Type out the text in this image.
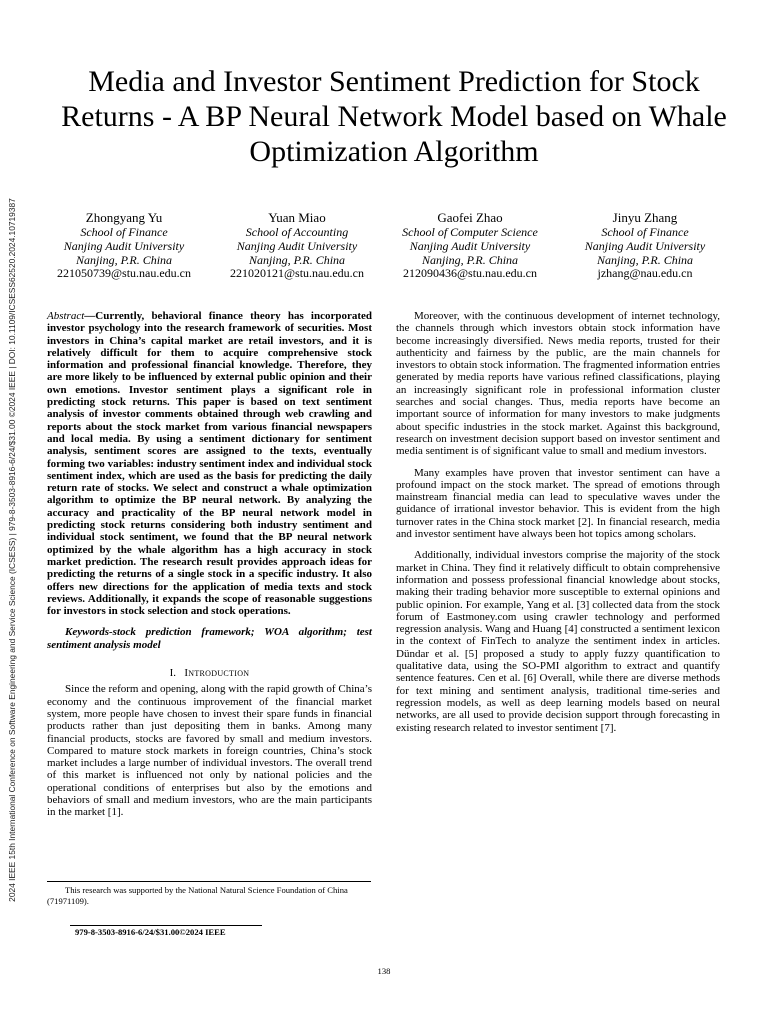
2024 IEEE 15th International Conference on Software Engineering and Service Science (ICSESS) | 979-8-3503-8916-6/24/$31.00 ©2024 IEEE | DOI: 10.1109/ICSESS62520.2024.10719387
Media and Investor Sentiment Prediction for Stock Returns - A BP Neural Network Model based on Whale Optimization Algorithm
Zhongyang Yu
School of Finance
Nanjing Audit University
Nanjing, P.R. China
221050739@stu.nau.edu.cn
Yuan Miao
School of Accounting
Nanjing Audit University
Nanjing, P.R. China
221020121@stu.nau.edu.cn
Gaofei Zhao
School of Computer Science
Nanjing Audit University
Nanjing, P.R. China
212090436@stu.nau.edu.cn
Jinyu Zhang
School of Finance
Nanjing Audit University
Nanjing, P.R. China
jzhang@nau.edu.cn

Abstract—Currently, behavioral finance theory has incorporated investor psychology into the research framework of securities. Most investors in China’s capital market are retail investors, and it is relatively difficult for them to acquire comprehensive stock information and professional financial knowledge. Therefore, they are more likely to be influenced by external public opinion and their own emotions. Investor sentiment plays a significant role in predicting stock returns. This paper is based on text sentiment analysis of investor comments obtained through web crawling and reports about the stock market from various financial newspapers and local media. By using a sentiment dictionary for sentiment analysis, sentiment scores are assigned to the texts, eventually forming two variables: industry sentiment index and individual stock sentiment index, which are used as the basis for predicting the daily return rate of stocks. We select and construct a whale optimization algorithm to optimize the BP neural network. By analyzing the accuracy and practicality of the BP neural network model in predicting stock returns considering both industry sentiment and individual stock sentiment, we found that the BP neural network optimized by the whale algorithm has a high accuracy in stock market prediction. The research result provides approach ideas for predicting the returns of a single stock in a specific industry. It also offers new directions for the application of media texts and stock reviews. Additionally, it expands the scope of reasonable suggestions for investors in stock selection and stock operations.

Keywords-stock prediction framework; WOA algorithm; test sentiment analysis model

I. Introduction

Since the reform and opening, along with the rapid growth of China’s economy and the continuous improvement of the financial market system, more people have chosen to invest their spare funds in financial products rather than just depositing them in banks. Among many financial products, stocks are favored by small and medium investors. Compared to mature stock markets in foreign countries, China’s stock market includes a large number of individual investors. The overall trend of this market is influenced not only by national policies and the operational conditions of enterprises but also by the emotions and behaviors of small and medium investors, who are the main participants in the market [1].

This research was supported by the National Natural Science Foundation of China (71971109).
979-8-3503-8916-6/24/$31.00©2024 IEEE

Moreover, with the continuous development of internet technology, the channels through which investors obtain stock information have become increasingly diversified. News media reports, trusted for their authenticity and fairness by the public, are the main channels for investors to obtain stock information. The fragmented information entries generated by media reports have various refined classifications, playing an increasingly significant role in professional information cluster searches and social changes. Thus, media reports have become an important source of information for many investors to make judgments about specific industries in the stock market. Against this background, research on investment decision support based on investor sentiment and media sentiment is of significant value to small and medium investors.

Many examples have proven that investor sentiment can have a profound impact on the stock market. The spread of emotions through mainstream financial media can lead to speculative waves under the guidance of irrational investor behavior. This is evident from the high turnover rates in the China stock market [2]. In financial research, media and investor sentiment have always been hot topics among scholars.

Additionally, individual investors comprise the majority of the stock market in China. They find it relatively difficult to obtain comprehensive information and possess professional financial knowledge about stocks, making their trading behavior more susceptible to external opinions and public opinion. For example, Yang et al. [3] collected data from the stock forum of Eastmoney.com using crawler technology and performed regression analysis. Wang and Huang [4] constructed a sentiment lexicon in the context of FinTech to analyze the sentiment index in articles. Dündar et al. [5] proposed a study to apply fuzzy quantification to qualitative data, using the SO-PMI algorithm to extract and quantify sentence features. Cen et al. [6] Overall, while there are diverse methods for text mining and sentiment analysis, traditional time-series and regression models, as well as deep learning models based on neural networks, are all used to provide decision support through forecasting in existing research related to investor sentiment [7].

138
